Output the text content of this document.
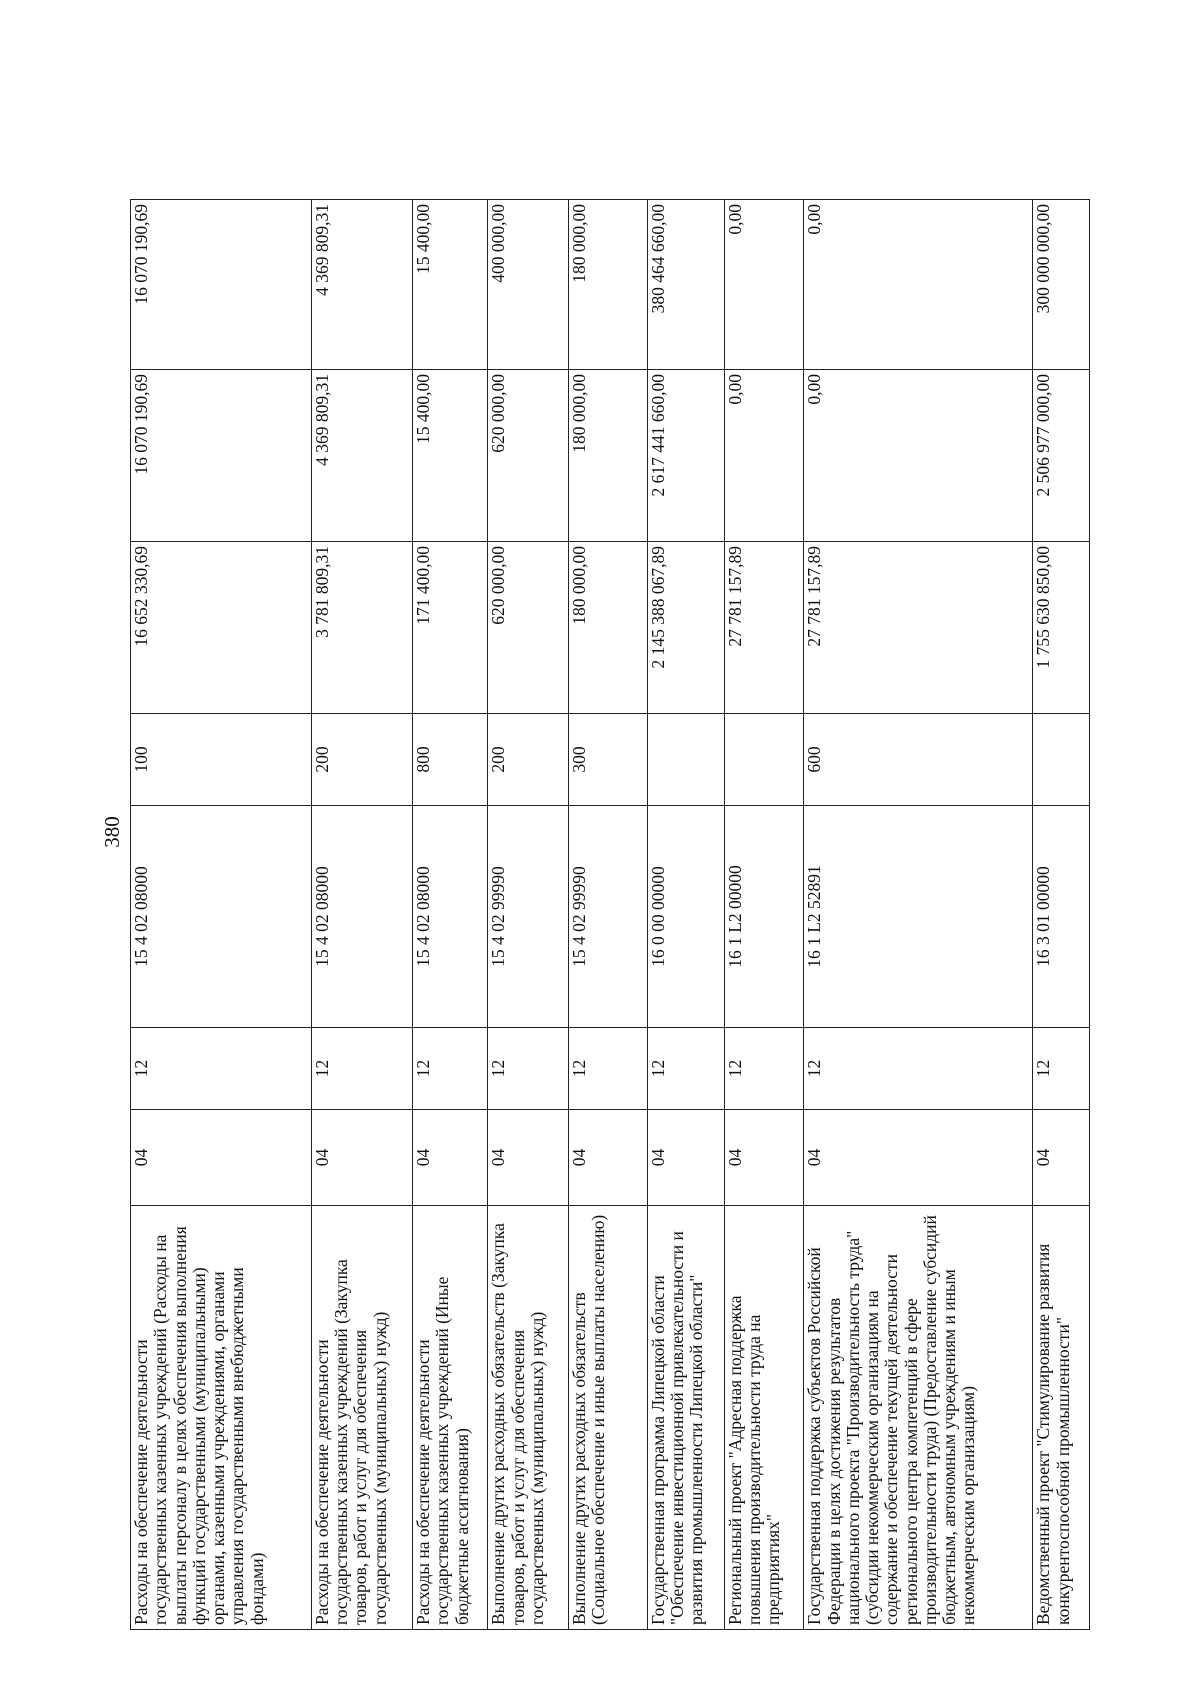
380
Расходы на обеспечение деятельности государственных казенных учреждений (Расходы на выплаты персоналу в целях обеспечения выполнения функций государственными (муниципальными) органами, казенными учреждениями, органами управления государственными внебюджетными фондами)	04	12	15 4 02 08000	100	16 652 330,69	16 070 190,69	16 070 190,69
Расходы на обеспечение деятельности государственных казенных учреждений (Закупка товаров, работ и услуг для обеспечения государственных (муниципальных) нужд)	04	12	15 4 02 08000	200	3 781 809,31	4 369 809,31	4 369 809,31
Расходы на обеспечение деятельности государственных казенных учреждений (Иные бюджетные ассигнования)	04	12	15 4 02 08000	800	171 400,00	15 400,00	15 400,00
Выполнение других расходных обязательств (Закупка товаров, работ и услуг для обеспечения государственных (муниципальных) нужд)	04	12	15 4 02 99990	200	620 000,00	620 000,00	400 000,00
Выполнение других расходных обязательств (Социальное обеспечение и иные выплаты населению)	04	12	15 4 02 99990	300	180 000,00	180 000,00	180 000,00
Государственная программа Липецкой области "Обеспечение инвестиционной привлекательности и развития промышленности Липецкой области"	04	12	16 0 00 00000		2 145 388 067,89	2 617 441 660,00	380 464 660,00
Региональный проект "Адресная поддержка повышения производительности труда на предприятиях"	04	12	16 1 L2 00000		27 781 157,89	0,00	0,00
Государственная поддержка субъектов Российской Федерации в целях достижения результатов национального проекта "Производительность труда" (субсидии некоммерческим организациям на содержание и обеспечение текущей деятельности регионального центра компетенций в сфере производительности труда) (Предоставление субсидий бюджетным, автономным учреждениям и иным некоммерческим организациям)	04	12	16 1 L2 52891	600	27 781 157,89	0,00	0,00
Ведомственный проект "Стимулирование развития конкурентоспособной промышленности"	04	12	16 3 01 00000		1 755 630 850,00	2 506 977 000,00	300 000 000,00
